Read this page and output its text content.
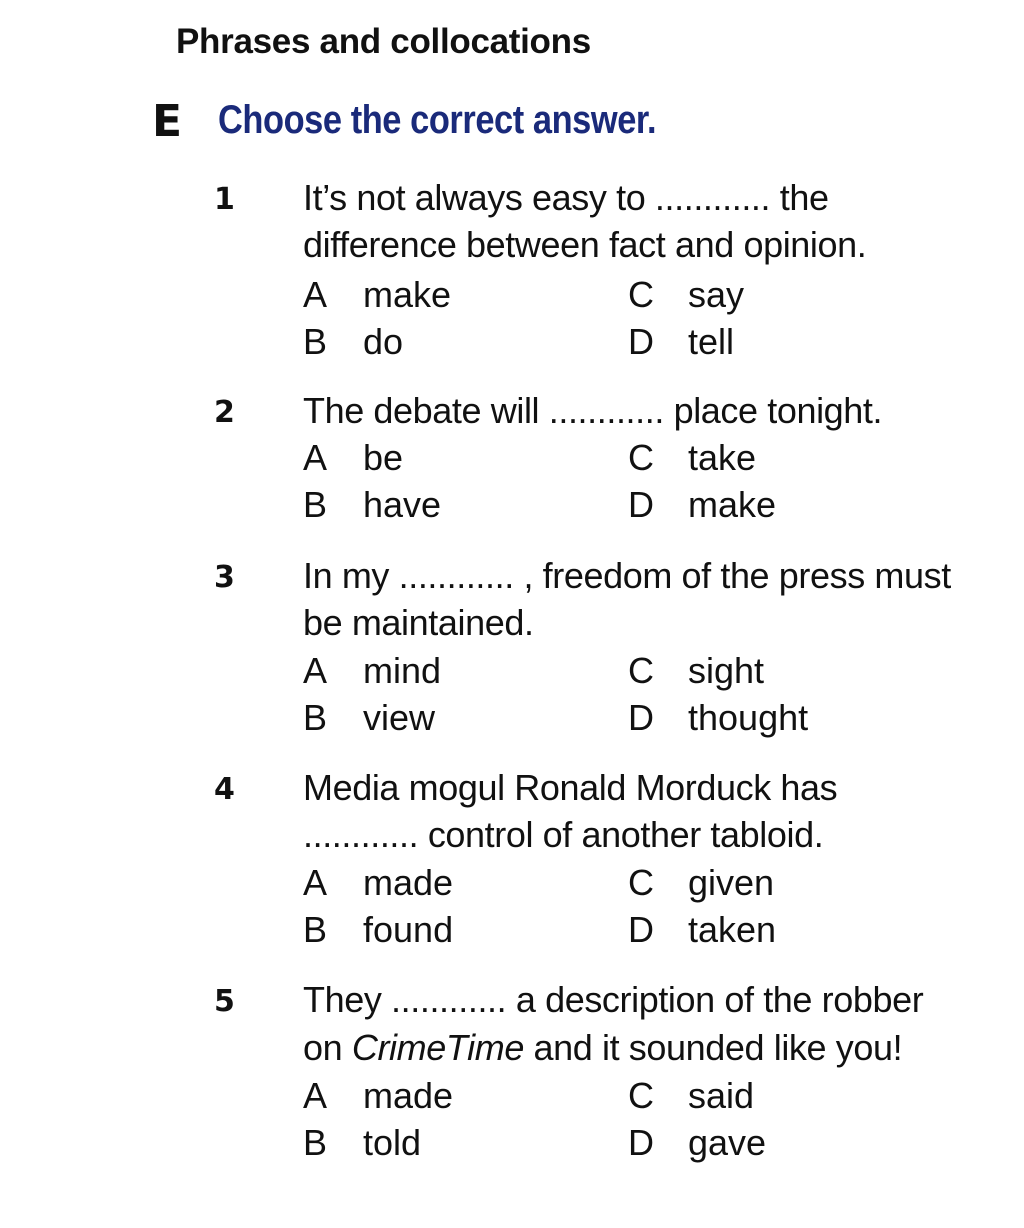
Phrases and collocations
E Choose the correct answer.
1 It’s not always easy to ............ the
difference between fact and opinion.
A make
B do
C say
D tell
2 The debate will ............ place tonight.
A be
B have
C take
D make
3 In my ............ , freedom of the press must
be maintained.
A mind
B view
C sight
D thought
4 Media mogul Ronald Morduck has
............ control of another tabloid.
A made
B found
C given
D taken
5 They ............ a description of the robber
on CrimeTime and it sounded like you!
A made
B told
C said
D gave
